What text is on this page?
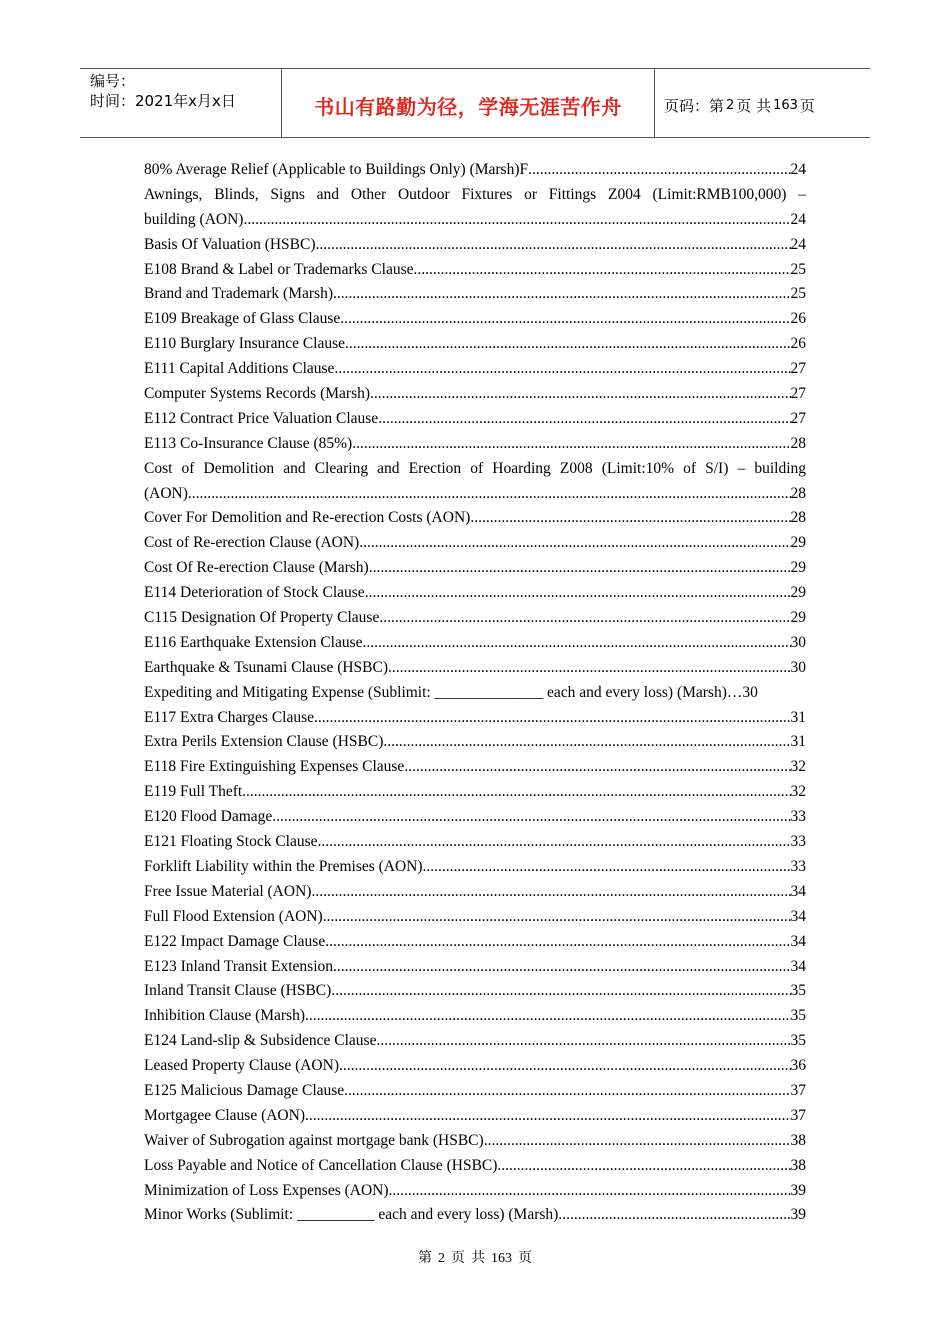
编号：
时间：2021年x月x日	书山有路勤为径，学海无涯苦作舟	页码：第 2 页 共 163 页
80% Average Relief (Applicable to Buildings Only) (Marsh)F .....	24
Awnings, Blinds, Signs and Other Outdoor Fixtures or Fittings Z004 (Limit:RMB100,000) –
building (AON) .....	24
Basis Of Valuation (HSBC) .....	24
E108 Brand & Label or Trademarks Clause .....	25
Brand and Trademark (Marsh) .....	25
E109 Breakage of Glass Clause .....	26
E110 Burglary Insurance Clause .....	26
E111 Capital Additions Clause .....	27
Computer Systems Records (Marsh) .....	27
E112 Contract Price Valuation Clause .....	27
E113 Co-Insurance Clause (85%) .....	28
Cost of Demolition and Clearing and Erection of Hoarding Z008 (Limit:10% of S/I) – building
(AON) .....	28
Cover For Demolition and Re-erection Costs (AON) .....	28
Cost of Re-erection Clause (AON) .....	29
Cost Of Re-erection Clause (Marsh) .....	29
E114 Deterioration of Stock Clause .....	29
C115 Designation Of Property Clause .....	29
E116 Earthquake Extension Clause .....	30
Earthquake & Tsunami Clause (HSBC) .....	30
Expediting and Mitigating Expense (Sublimit: ______________ each and every loss) (Marsh)… 30
E117 Extra Charges Clause .....	31
Extra Perils Extension Clause (HSBC) .....	31
E118 Fire Extinguishing Expenses Clause .....	32
E119 Full Theft .....	32
E120 Flood Damage .....	33
E121 Floating Stock Clause .....	33
Forklift Liability within the Premises (AON) .....	33
Free Issue Material (AON) .....	34
Full Flood Extension (AON) .....	34
E122 Impact Damage Clause .....	34
E123 Inland Transit Extension .....	34
Inland Transit Clause (HSBC) .....	35
Inhibition Clause (Marsh) .....	35
E124 Land-slip & Subsidence Clause .....	35
Leased Property Clause (AON) .....	36
E125 Malicious Damage Clause .....	37
Mortgagee Clause (AON) .....	37
Waiver of Subrogation against mortgage bank (HSBC) .....	38
Loss Payable and Notice of Cancellation Clause (HSBC) .....	38
Minimization of Loss Expenses (AON) .....	39
Minor Works (Sublimit: __________ each and every loss) (Marsh) .....	39
第 2 页 共 163 页
